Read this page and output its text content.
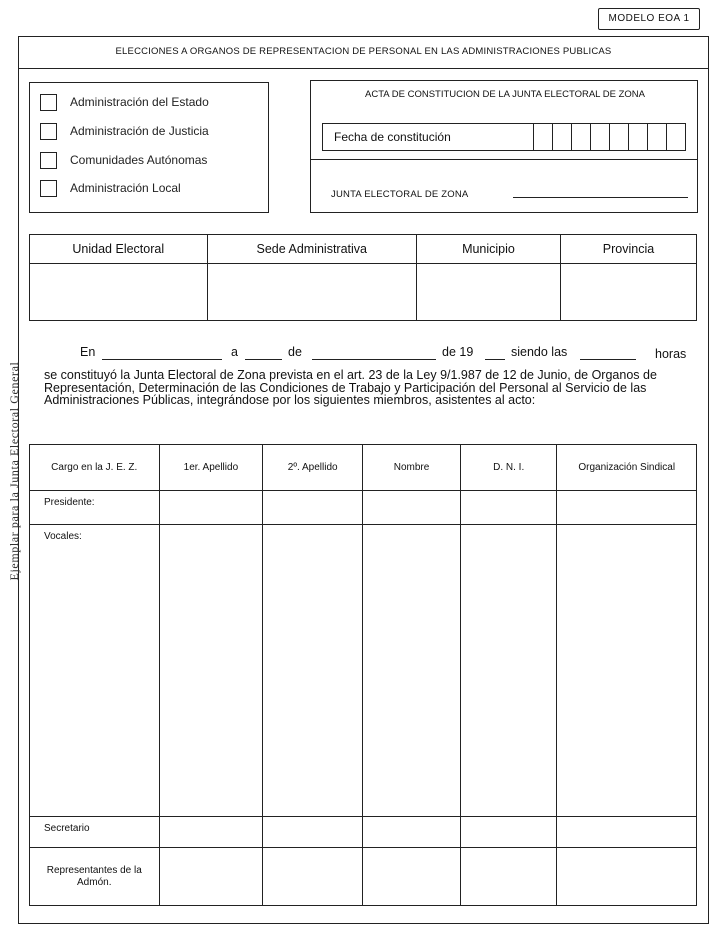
MODELO EOA 1
ELECCIONES A ORGANOS DE REPRESENTACION DE PERSONAL EN LAS ADMINISTRACIONES PUBLICAS
Administración del Estado
Administración de Justicia
Comunidades Autónomas
Administración Local
ACTA DE CONSTITUCION DE LA JUNTA ELECTORAL DE ZONA
Fecha de constitución
JUNTA ELECTORAL DE ZONA
Unidad Electoral	Sede Administrativa	Municipio	Provincia

En	a	de	de 19	siendo las	horas
se constituyó la Junta Electoral de Zona prevista en el art. 23 de la Ley 9/1.987 de 12 de Junio, de Organos de Representación, Determinación de las Condiciones de Trabajo y Participación del Personal al Servicio de las Administraciones Públicas, integrándose por los siguientes miembros, asistentes al acto:
Cargo en la J. E. Z.	1er. Apellido	2º. Apellido	Nombre	D. N. I.	Organización Sindical
Presidente:					
Vocales:					
Secretario					
Representantes de la Admón.					
Ejemplar para la Junta Electoral General
